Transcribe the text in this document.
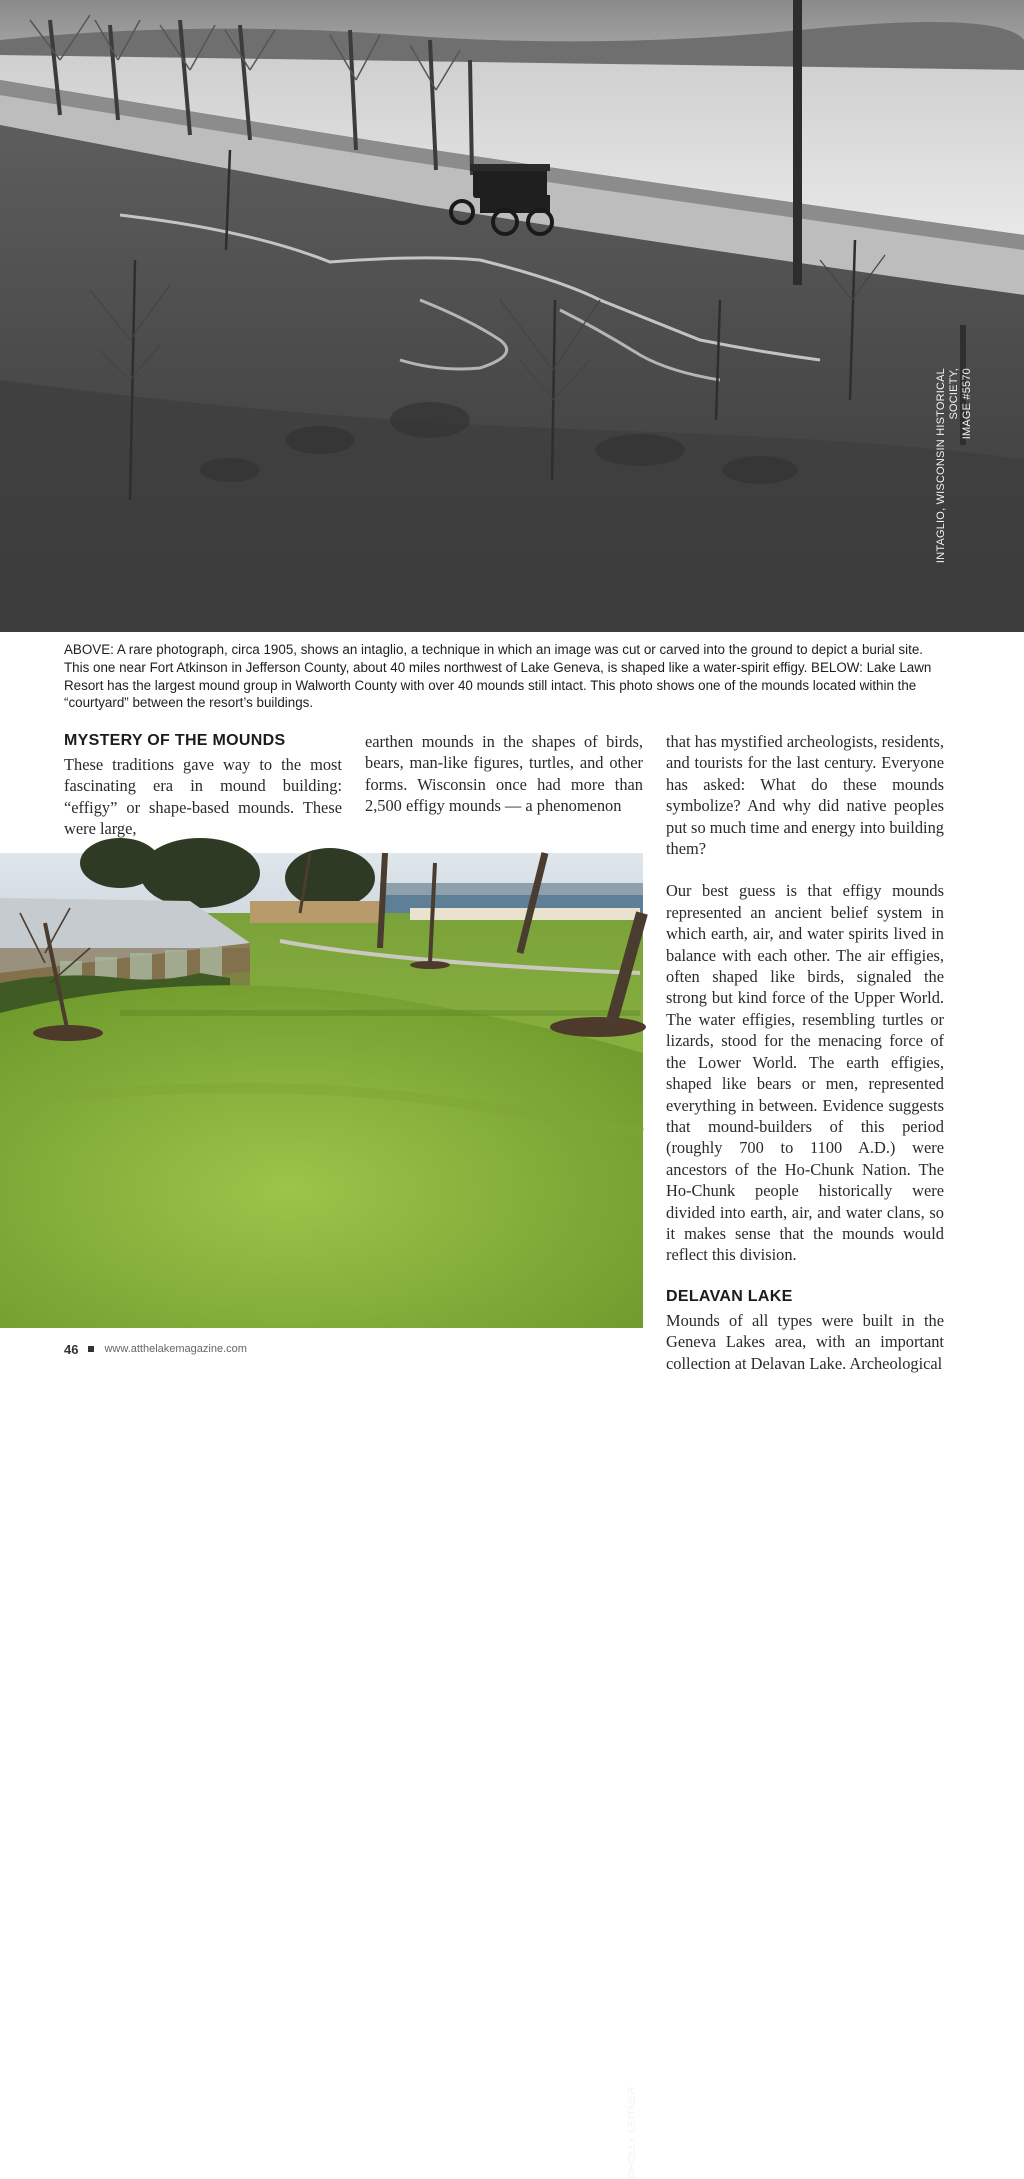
INTAGLIO, WISCONSIN HISTORICAL SOCIETY, IMAGE #5570
ABOVE: A rare photograph, circa 1905, shows an intaglio, a technique in which an image was cut or carved into the ground to depict a burial site. This one near Fort Atkinson in Jefferson County, about 40 miles northwest of Lake Geneva, is shaped like a water-spirit effigy. BELOW: Lake Lawn Resort has the largest mound group in Walworth County with over 40 mounds still intact. This photo shows one of the mounds located within the “courtyard” between the resort’s buildings.
MYSTERY OF THE MOUNDS

These traditions gave way to the most fascinating era in mound building: “effigy” or shape-based mounds. These were large,

earthen mounds in the shapes of birds, bears, man-like figures, turtles, and other forms. Wisconsin once had more than 2,500 effigy mounds — a phenomenon

that has mystified archeologists, residents, and tourists for the last century. Everyone has asked: What do these mounds symbolize? And why did native peoples put so much time and energy into building them?

Our best guess is that effigy mounds represented an ancient belief system in which earth, air, and water spirits lived in balance with each other. The air effigies, often shaped like birds, signaled the strong but kind force of the Upper World. The water effigies, resembling turtles or lizards, stood for the menacing force of the Lower World. The earth effigies, shaped like bears or men, represented everything in between. Evidence suggests that mound-builders of this period (roughly 700 to 1100 A.D.) were ancestors of the Ho-Chunk Nation. The Ho-Chunk people historically were divided into earth, air, and water clans, so it makes sense that the mounds would reflect this division.

DELAVAN LAKE

Mounds of all types were built in the Geneva Lakes area, with an important collection at Delavan Lake. Archeological

©HOLLY LEITNER
46 www.atthelakemagazine.com
